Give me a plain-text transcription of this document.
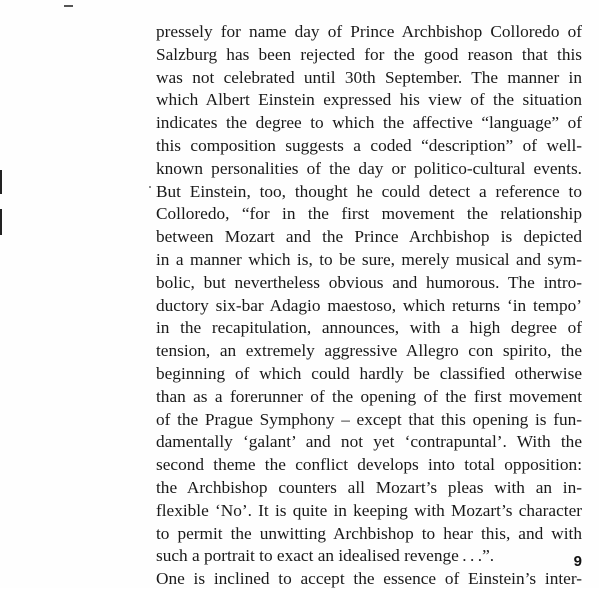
pressely for name day of Prince Archbishop Colloredo of
Salzburg has been rejected for the good reason that this
was not celebrated until 30th September. The manner in
which Albert Einstein expressed his view of the situation
indicates the degree to which the affective “language” of
this composition suggests a coded “description” of well-
known personalities of the day or politico-cultural events.
But Einstein, too, thought he could detect a reference to
Colloredo, “for in the first movement the relationship
between Mozart and the Prince Archbishop is depicted
in a manner which is, to be sure, merely musical and sym-
bolic, but nevertheless obvious and humorous. The intro-
ductory six-bar Adagio maestoso, which returns ‘in tempo’
in the recapitulation, announces, with a high degree of
tension, an extremely aggressive Allegro con spirito, the
beginning of which could hardly be classified otherwise
than as a forerunner of the opening of the first movement
of the Prague Symphony – except that this opening is fun-
damentally ‘galant’ and not yet ‘contrapuntal’. With the
second theme the conflict develops into total opposition:
the Archbishop counters all Mozart’s pleas with an in-
flexible ‘No’. It is quite in keeping with Mozart’s character
to permit the unwitting Archbishop to hear this, and with
such a portrait to exact an idealised revenge . . .”.
One is inclined to accept the essence of Einstein’s inter-
9
